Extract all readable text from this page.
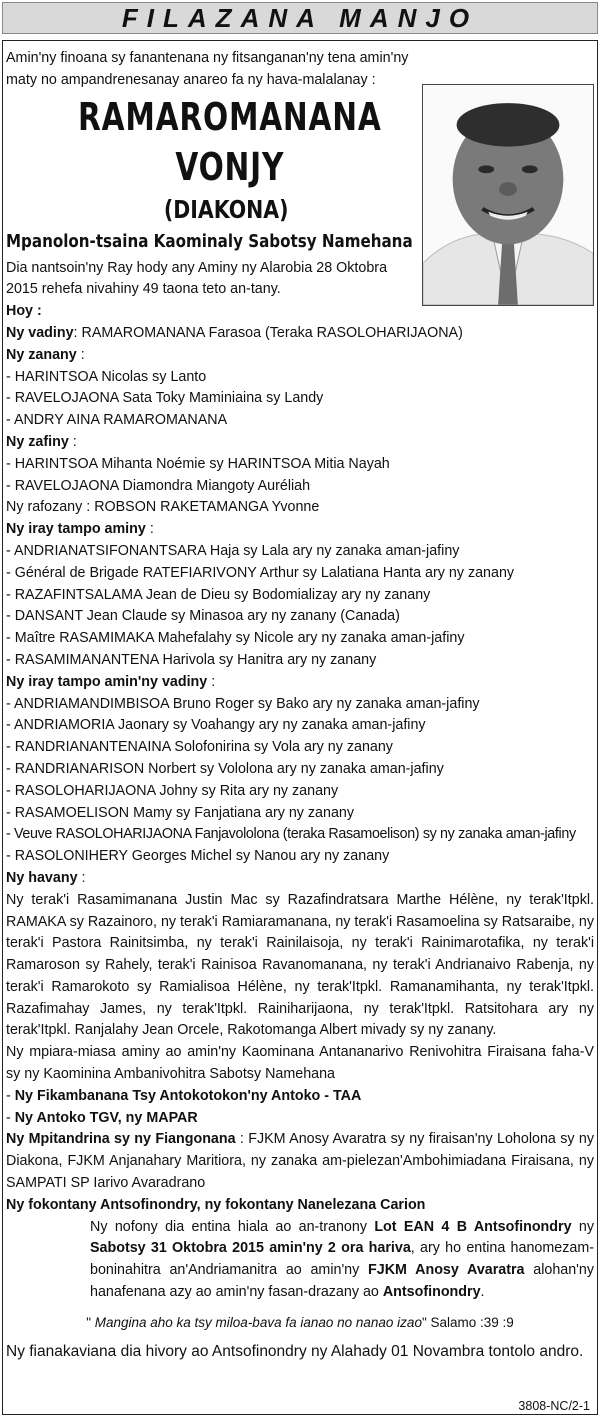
FILAZANA MANJO

Amin'ny finoana sy fanantenana ny fitsanganan'ny tena amin'ny maty no ampandrenesanay anareo fa ny hava-malalanay :

RAMAROMANANA
VONJY
(DIAKONA)
Mpanolon-tsaina Kaominaly Sabotsy Namehana

Dia nantsoin'ny Ray hody any Aminy ny Alarobia 28 Oktobra 2015 rehefa nivahiny 49 taona teto an-tany.

Hoy :

Ny vadiny: RAMAROMANANA Farasoa (Teraka RASOLOHARIJAONA)

Ny zanany :

- HARINTSOA Nicolas sy Lanto

- RAVELOJAONA Sata Toky Maminiaina sy Landy

- ANDRY AINA RAMAROMANANA

Ny zafiny :

- HARINTSOA Mihanta Noémie sy HARINTSOA Mitia Nayah

- RAVELOJAONA Diamondra Miangoty Auréliah

Ny rafozany : ROBSON RAKETAMANGA Yvonne

Ny iray tampo aminy :

- ANDRIANATSIFONANTSARA Haja sy Lala ary ny zanaka aman-jafiny

- Général de Brigade RATEFIARIVONY Arthur sy Lalatiana Hanta ary ny zanany

- RAZAFINTSALAMA Jean de Dieu sy Bodomializay ary ny zanany

- DANSANT Jean Claude sy Minasoa ary ny zanany (Canada)

- Maître RASAMIMAKA Mahefalahy sy Nicole ary ny zanaka aman-jafiny

- RASAMIMANANTENA Harivola sy Hanitra ary ny zanany

Ny iray tampo amin'ny vadiny :

- ANDRIAMANDIMBISOA Bruno Roger sy Bako ary ny zanaka aman-jafiny

- ANDRIAMORIA Jaonary sy Voahangy ary ny zanaka aman-jafiny

- RANDRIANANTENAINA Solofonirina sy Vola ary ny zanany

- RANDRIANARISON Norbert sy Vololona ary ny zanaka aman-jafiny

- RASOLOHARIJAONA Johny sy Rita ary ny zanany

- RASAMOELISON Mamy sy Fanjatiana ary ny zanany

- Veuve RASOLOHARIJAONA Fanjavololona (teraka Rasamoelison) sy ny zanaka aman-jafiny

- RASOLONIHERY Georges Michel sy Nanou ary ny zanany

Ny havany :

Ny terak'i Rasamimanana Justin Mac sy Razafindratsara Marthe Hélène, ny terak'Itpkl. RAMAKA sy Razainoro, ny terak'i Ramiaramanana, ny terak'i Rasamoelina sy Ratsaraibe, ny terak'i Pastora Rainitsimba, ny terak'i Rainilaisoja, ny terak'i Rainimarotafika, ny terak'i Ramaroson sy Rahely, terak'i Rainisoa Ravanomanana, ny terak'i Andrianaivo Rabenja, ny terak'i Ramarokoto sy Ramialisoa Hélène, ny terak'Itpkl. Ramanamihanta, ny terak'Itpkl. Razafimahay James, ny terak'Itpkl. Rainiharijaona, ny terak'Itpkl. Ratsitohara ary ny terak'Itpkl. Ranjalahy Jean Orcele, Rakotomanga Albert mivady sy ny zanany.

Ny mpiara-miasa aminy ao amin'ny Kaominana Antananarivo Renivohitra Firaisana faha-V sy ny Kaominina Ambanivohitra Sabotsy Namehana

- Ny Fikambanana Tsy Antokotokon'ny Antoko - TAA

- Ny Antoko TGV, ny MAPAR

Ny Mpitandrina sy ny Fiangonana : FJKM Anosy Avaratra sy ny firaisan'ny Loholona sy ny Diakona, FJKM Anjanahary Maritiora, ny zanaka am-pielezan'Ambohimiadana Firaisana, ny SAMPATI SP Iarivo Avaradrano

Ny fokontany Antsofinondry, ny fokontany Nanelezana Carion

Ny nofony dia entina hiala ao an-tranony Lot EAN 4 B Antsofinondry ny Sabotsy 31 Oktobra 2015 amin'ny 2 ora hariva, ary ho entina hanomezam-boninahitra an'Andriamanitra ao amin'ny FJKM Anosy Avaratra alohan'ny hanafenana azy ao amin'ny fasan-drazany ao Antsofinondry.

" Mangina aho ka tsy miloa-bava fa ianao no nanao izao" Salamo :39 :9

Ny fianakaviana dia hivory ao Antsofinondry ny Alahady 01 Novambra tontolo andro.

3808-NC/2-1
